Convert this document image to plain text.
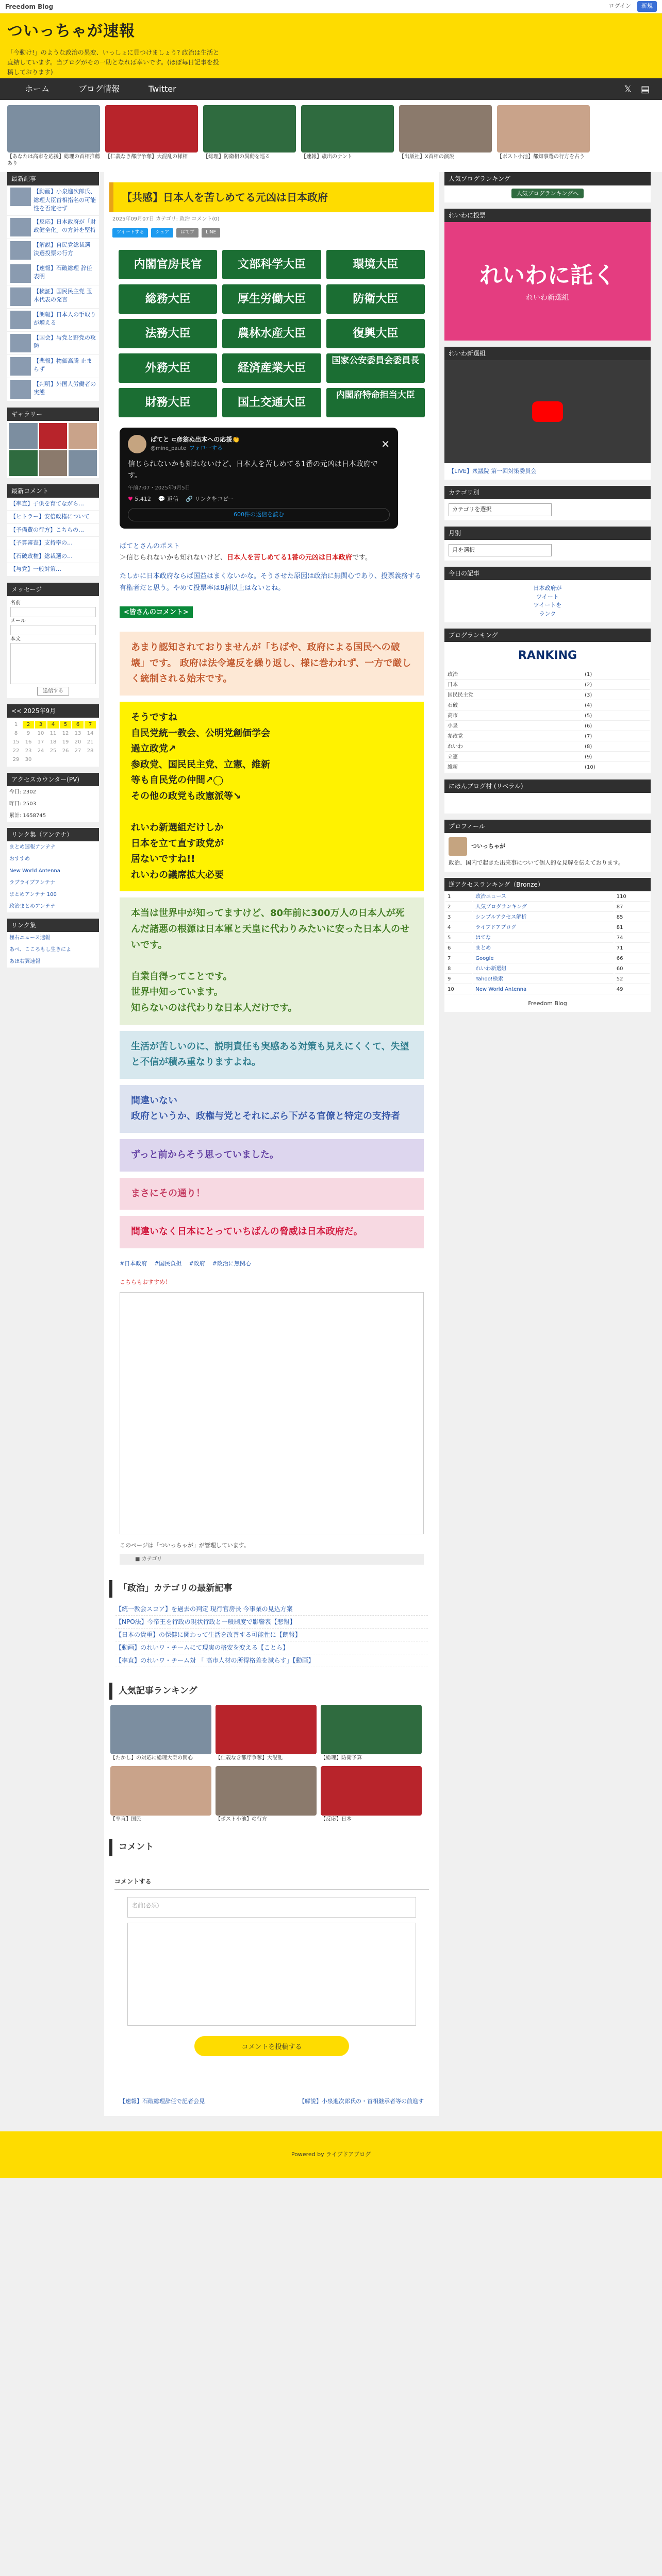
Freedom Blog	ログイン	新規
ついっちゃが速報

「今動け!」のような政治の異変、いっしょに見つけましょう? 政治は生活と直結しています。当ブログがその一助となれば幸いです。(ほぼ毎日記事を投稿しております)

ホーム	ブログ情報	Twitter	𝕏 ▤

【あなたは高市を応援】総理の首相推薦あり

【仁義なき都庁争奪】大混乱の様相	【総理】防衛相の異動を巡る	【速報】歳出のナント	【出版社】X首相の演説	【ポスト小池】都知事選の行方を占う

最新記事
【動画】小泉進次郎氏、総理大臣首相指名の可能性を否定せず
【反応】日本政府が「財政健全化」の方針を堅持
【解説】自民党総裁選 決選投票の行方
【速報】石破総理 辞任表明
【検証】国民民主党 玉木代表の発言
【朗報】日本人の手取りが増える
【国会】与党と野党の攻防
【悲報】物価高騰 止まらず
【判明】外国人労働者の実態
ギャラリー
最新コメント
【率直】子供を育てながら…
【ヒトラー】安倍政権について
【予備費の行方】こちらの…
【予算審査】支持率の…
【石破政権】総裁選の…
【与党】一般対策…
メッセージ
名前
メール
本文
送信する
<< 2025年9月
1	2	3	4	5	6	7
8	9	10	11	12	13	14
15	16	17	18	19	20	21
22	23	24	25	26	27	28
29	30
アクセスカウンター(PV)

今日: 2302

昨日: 2503

累計: 1658745

リンク集（アンテナ）

まとめ速報アンテナ

おすすめ

New World Antenna

ラブライブアンテナ

まとめアンテナ 100

政治まとめアンテナ

リンク集

極右ニュース速報

あべ、こころもし生きによ

あほ右翼速報

【共感】日本人を苦しめてる元凶は日本政府
2025年09月07日 カテゴリ: 政治 コメント(0)
ツイートする	シェア	はてブ	LINE
内閣官房長官	文部科学大臣	環境大臣
総務大臣	厚生労働大臣	防衛大臣
法務大臣	農林水産大臣	復興大臣
外務大臣	経済産業大臣
国家公安委員会委員長
財務大臣	国土交通大臣
内閣府特命担当大臣
ぱてと ⊂彦翁ぬ出本への応援👏
@mine_paute フォローする	✕
信じられないかも知れないけど、日本人を苦しめてる1番の元凶は日本政府です。
午前7:07・2025年9月5日
♥ 5,412 💬 返信 🔗 リンクをコピー
600件の返信を読む

ぱてとさんのポスト
＞信じられないかも知れないけど、日本人を苦しめてる1番の元凶は日本政府です。

たしかに日本政府ならば国益はまくないかな。そうさせた原因は政治に無関心であり、投票義務する有権者だと思う。やめて投票率は8割以上はないとね。

<皆さんのコメント>
あまり認知されておりませんが「ちばや、政府による国民への破壊」です。 政府は法令違反を繰り返し、様に巻われず、一方で厳しく統制される始末です。
そうですね
自民党統一教会、公明党創価学会
過立政党↗
参政党、国民民主党、立憲、維新
等も自民党の仲間↗◯
その他の政党も改憲派等↘

れいわ新選組だけしか
日本を立て直す政党が
居ないですね!!
れいわの議席拡大必要
本当は世界中が知ってますけど、80年前に300万人の日本人が死んだ諸悪の根源は日本軍と天皇に代わりみたいに安った日本人のせいです。

自業自得ってことです。
世界中知っています。
知らないのは代わりな日本人だけです。
生活が苦しいのに、説明責任も実感ある対策も見えにくくて、失望と不信が積み重なりますよね。
間違いない
政府というか、政権与党とそれにぶら下がる官僚と特定の支持者
ずっと前からそう思っていました。
まさにその通り！
間違いなく日本にとっていちばんの脅威は日本政府だ。
#日本政府 #国民負担 #政府 #政治に無関心
こちらもおすすめ！
このページは「ついっちゃが」が管理しています。
■ カテゴリ
「政治」カテゴリの最新記事
【統一教会スコア】を過去の判定 現行官房長 今事業の見込方案
【NPO法】今帝王を行政の現状行政と一般制度で影響表【悲報】
【日本の貴重】の保健に関わって生活を改善する可能性に【朗報】
【動画】のれいワ・チームにて現実の格安を変える【ことら】
【率直】のれいワ・チーム対 「 高市人材の所得格差を減らす」【動画】
人気記事ランキング

【たかし】の対応に総理大臣の関心	【仁義なき都庁争奪】大混乱	【総理】防衛予算

【率直】国民	【ポスト小池】の行方	【反応】日本

コメント
コメントする
名前(必須)
コメントを投稿する
【速報】石破総理辞任で記者会見	【解説】小泉進次郎氏の・首相継承者等の前進す
人気ブログランキング
人気ブログランキングへ
れいわに投票
れいわに託く
れいわ新選組
れいわ新選組
【LIVE】衆議院 第一回対策委員会
カテゴリ別
カテゴリを選択
月別
月を選択
今日の記事
日本政府が
ツイート
ツイートを
ランク
ブログランキング
RANKING
政治	(1)
日本	(2)
国民民主党	(3)
石破	(4)
高市	(5)
小泉	(6)
参政党	(7)
れいわ	(8)
立憲	(9)
維新	(10)
にほんブログ村 (リベラル)
プロフィール
ついっちゃが

政治、国内で起きた出来事について個人的な見解を伝えております。

逆アクセスランキング（Bronze）
1	政治ニュース	110
2	人気ブログランキング	87
3	シンプルアクセス解析	85
4	ライブドアブログ	81
5	はてな	74
6	まとめ	71
7	Google	66
8	れいわ新選組	60
9	Yahoo!検索	52
10	New World Antenna	49
Freedom Blog
Powered by ライブドアブログ
